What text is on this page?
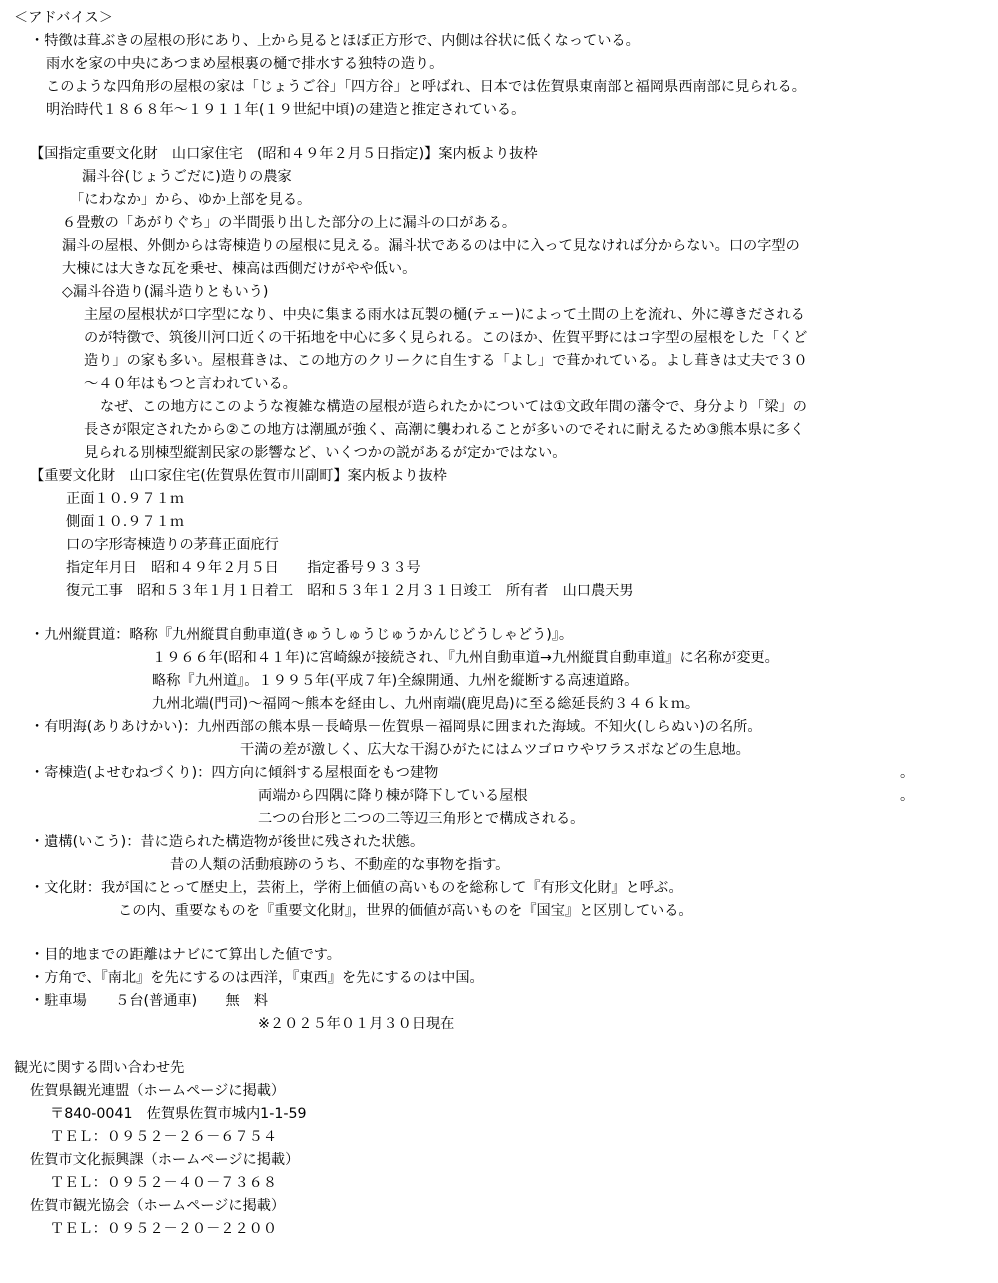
＜アドバイス＞
・特徴は葺ぶきの屋根の形にあり、上から見るとほぼ正方形で、内側は谷状に低くなっている。
雨水を家の中央にあつまめ屋根裏の樋で排水する独特の造り。
このような四角形の屋根の家は「じょうご谷」「四方谷」と呼ばれ、日本では佐賀県東南部と福岡県西南部に見られる。
明治時代１８６８年〜１９１１年(１９世紀中頃)の建造と推定されている。
【国指定重要文化財　山口家住宅　(昭和４９年２月５日指定)】案内板より抜枠
漏斗谷(じょうごだに)造りの農家
「にわなか」から、ゆか上部を見る。
６畳敷の「あがりぐち」の半間張り出した部分の上に漏斗の口がある。
漏斗の屋根、外側からは寄棟造りの屋根に見える。漏斗状であるのは中に入って見なければ分からない。口の字型の
大棟には大きな瓦を乗せ、棟高は西側だけがやや低い。
◇漏斗谷造り(漏斗造りともいう)
主屋の屋根状が口字型になり、中央に集まる雨水は瓦製の樋(テェー)によって土間の上を流れ、外に導きだされる
のが特徴で、筑後川河口近くの干拓地を中心に多く見られる。このほか、佐賀平野にはコ字型の屋根をした「くど
造り」の家も多い。屋根葺きは、この地方のクリークに自生する「よし」で葺かれている。よし葺きは丈夫で３０
〜４０年はもつと言われている。
なぜ、この地方にこのような複雑な構造の屋根が造られたかについては①文政年間の藩令で、身分より「梁」の
長さが限定されたから②この地方は潮風が強く、高潮に襲われることが多いのでそれに耐えるため③熊本県に多く
見られる別棟型縦割民家の影響など、いくつかの説があるが定かではない。
【重要文化財　山口家住宅(佐賀県佐賀市川副町】案内板より抜枠
正面１０.９７１ｍ
側面１０.９７１ｍ
口の字形寄棟造りの茅葺正面庇行
指定年月日　昭和４９年２月５日　　指定番号９３３号
復元工事　昭和５３年１月１日着工　昭和５３年１２月３１日竣工　所有者　山口農天男
・九州縦貫道：略称『九州縦貫自動車道(きゅうしゅうじゅうかんじどうしゃどう)』。
１９６６年(昭和４１年)に宮崎線が接続され、『九州自動車道→九州縦貫自動車道』に名称が変更。
略称『九州道』。１９９５年(平成７年)全線開通、九州を縦断する高速道路。
九州北端(門司)〜福岡〜熊本を経由し、九州南端(鹿児島)に至る総延長約３４６ｋｍ。
・有明海(ありあけかい)：九州西部の熊本県－長崎県－佐賀県－福岡県に囲まれた海域。不知火(しらぬい)の名所。
干満の差が激しく、広大な干潟ひがたにはムツゴロウやワラスボなどの生息地。
・寄棟造(よせむねづくり)：四方向に傾斜する屋根面をもつ建物	。
両端から四隅に降り棟が降下している屋根	。
二つの台形と二つの二等辺三角形とで構成される。
・遺構(いこう)：昔に造られた構造物が後世に残された状態。
昔の人類の活動痕跡のうち、不動産的な事物を指す。
・文化財：我が国にとって歴史上，芸術上，学術上価値の高いものを総称して『有形文化財』と呼ぶ。
この内、重要なものを『重要文化財』，世界的価値が高いものを『国宝』と区別している。
・目的地までの距離はナビにて算出した値です。
・方角で、『南北』を先にするのは西洋，『東西』を先にするのは中国。
・駐車場　　５台(普通車)　　無　料
※２０２５年０１月３０日現在
観光に関する問い合わせ先
佐賀県観光連盟（ホームページに掲載）
〒840-0041　佐賀県佐賀市城内1-1-59
ＴＥＬ：０９５２－２６－６７５４
佐賀市文化振興課（ホームページに掲載）
ＴＥＬ：０９５２－４０－７３６８
佐賀市観光協会（ホームページに掲載）
ＴＥＬ：０９５２－２０－２２００
